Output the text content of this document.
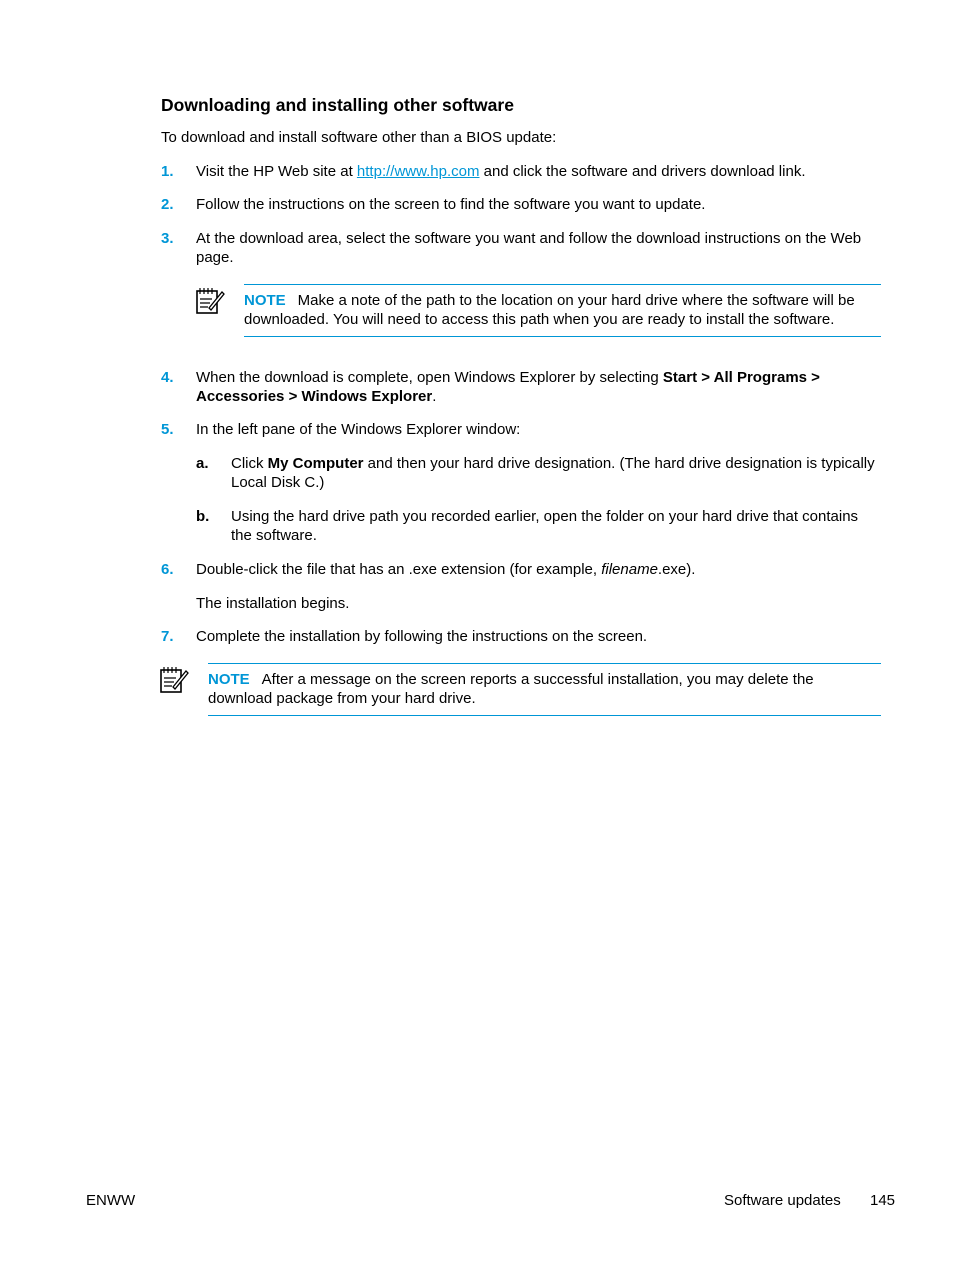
Downloading and installing other software

To download and install software other than a BIOS update:

1. Visit the HP Web site at http://www.hp.com and click the software and drivers download link.
2. Follow the instructions on the screen to find the software you want to update.
3. At the download area, select the software you want and follow the download instructions on the Web page.
NOTE Make a note of the path to the location on your hard drive where the software will be downloaded. You will need to access this path when you are ready to install the software.
4. When the download is complete, open Windows Explorer by selecting Start > All Programs > Accessories > Windows Explorer.
5. In the left pane of the Windows Explorer window:
a. Click My Computer and then your hard drive designation. (The hard drive designation is typically Local Disk C.)
b. Using the hard drive path you recorded earlier, open the folder on your hard drive that contains the software.
6. Double-click the file that has an .exe extension (for example, filename.exe).

The installation begins.

7. Complete the installation by following the instructions on the screen.
NOTE After a message on the screen reports a successful installation, you may delete the download package from your hard drive.
ENWW	Software updates 145
